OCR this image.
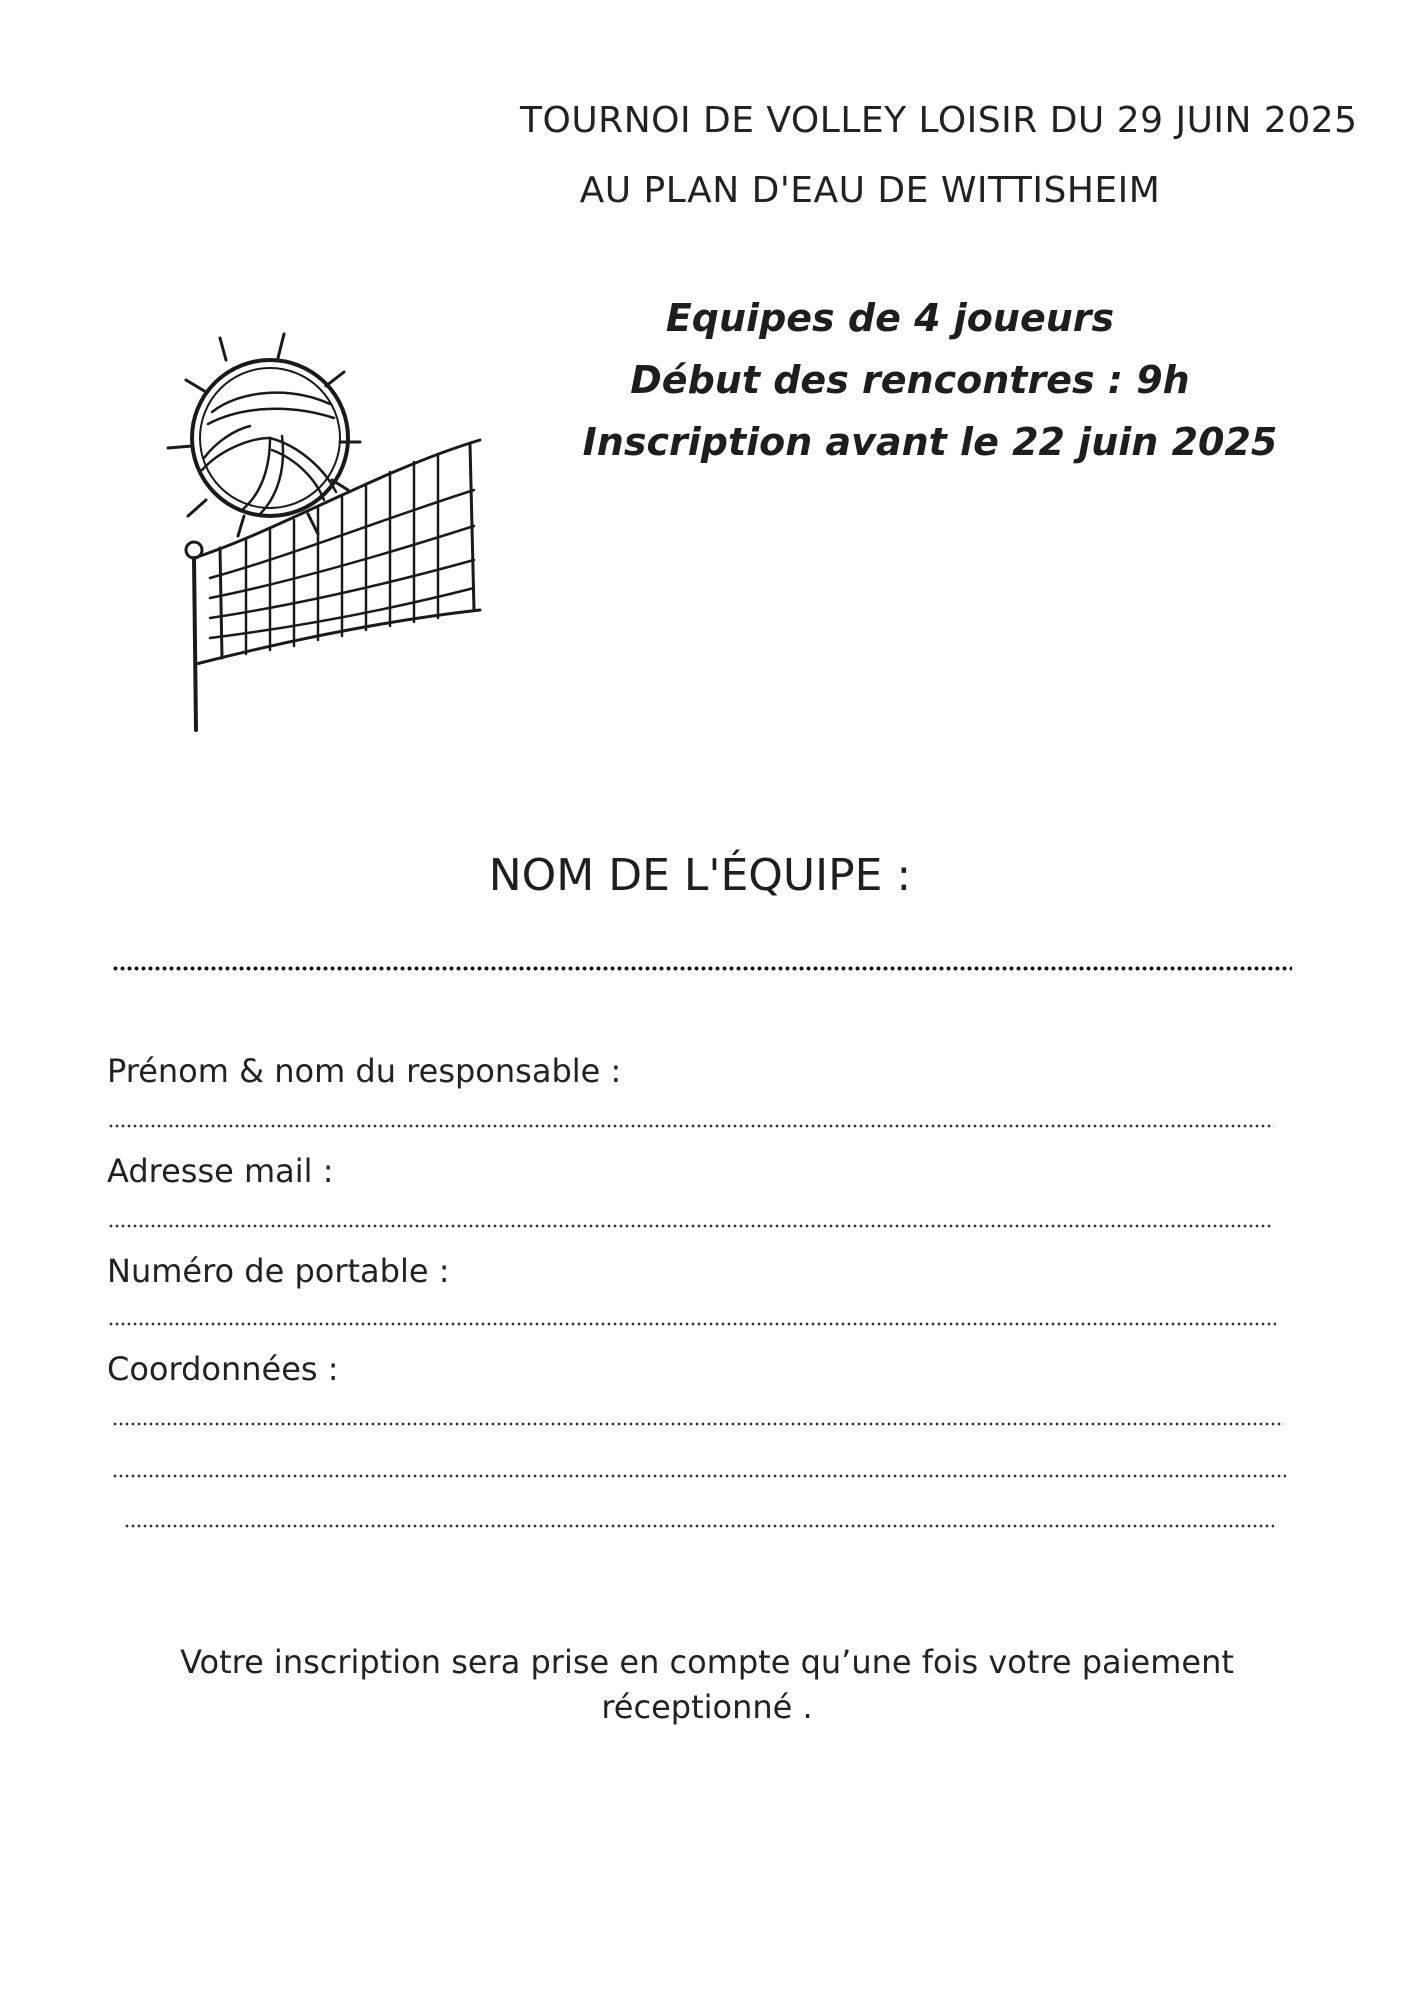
TOURNOI DE VOLLEY LOISIR DU 29 JUIN 2025
AU PLAN D'EAU DE WITTISHEIM
Equipes de 4 joueurs
Début des rencontres : 9h
Inscription avant le 22 juin 2025
NOM DE L'ÉQUIPE :
Prénom & nom du responsable :
Adresse mail :
Numéro de portable :
Coordonnées :
Votre inscription sera prise en compte qu’une fois votre paiement
réceptionné .
